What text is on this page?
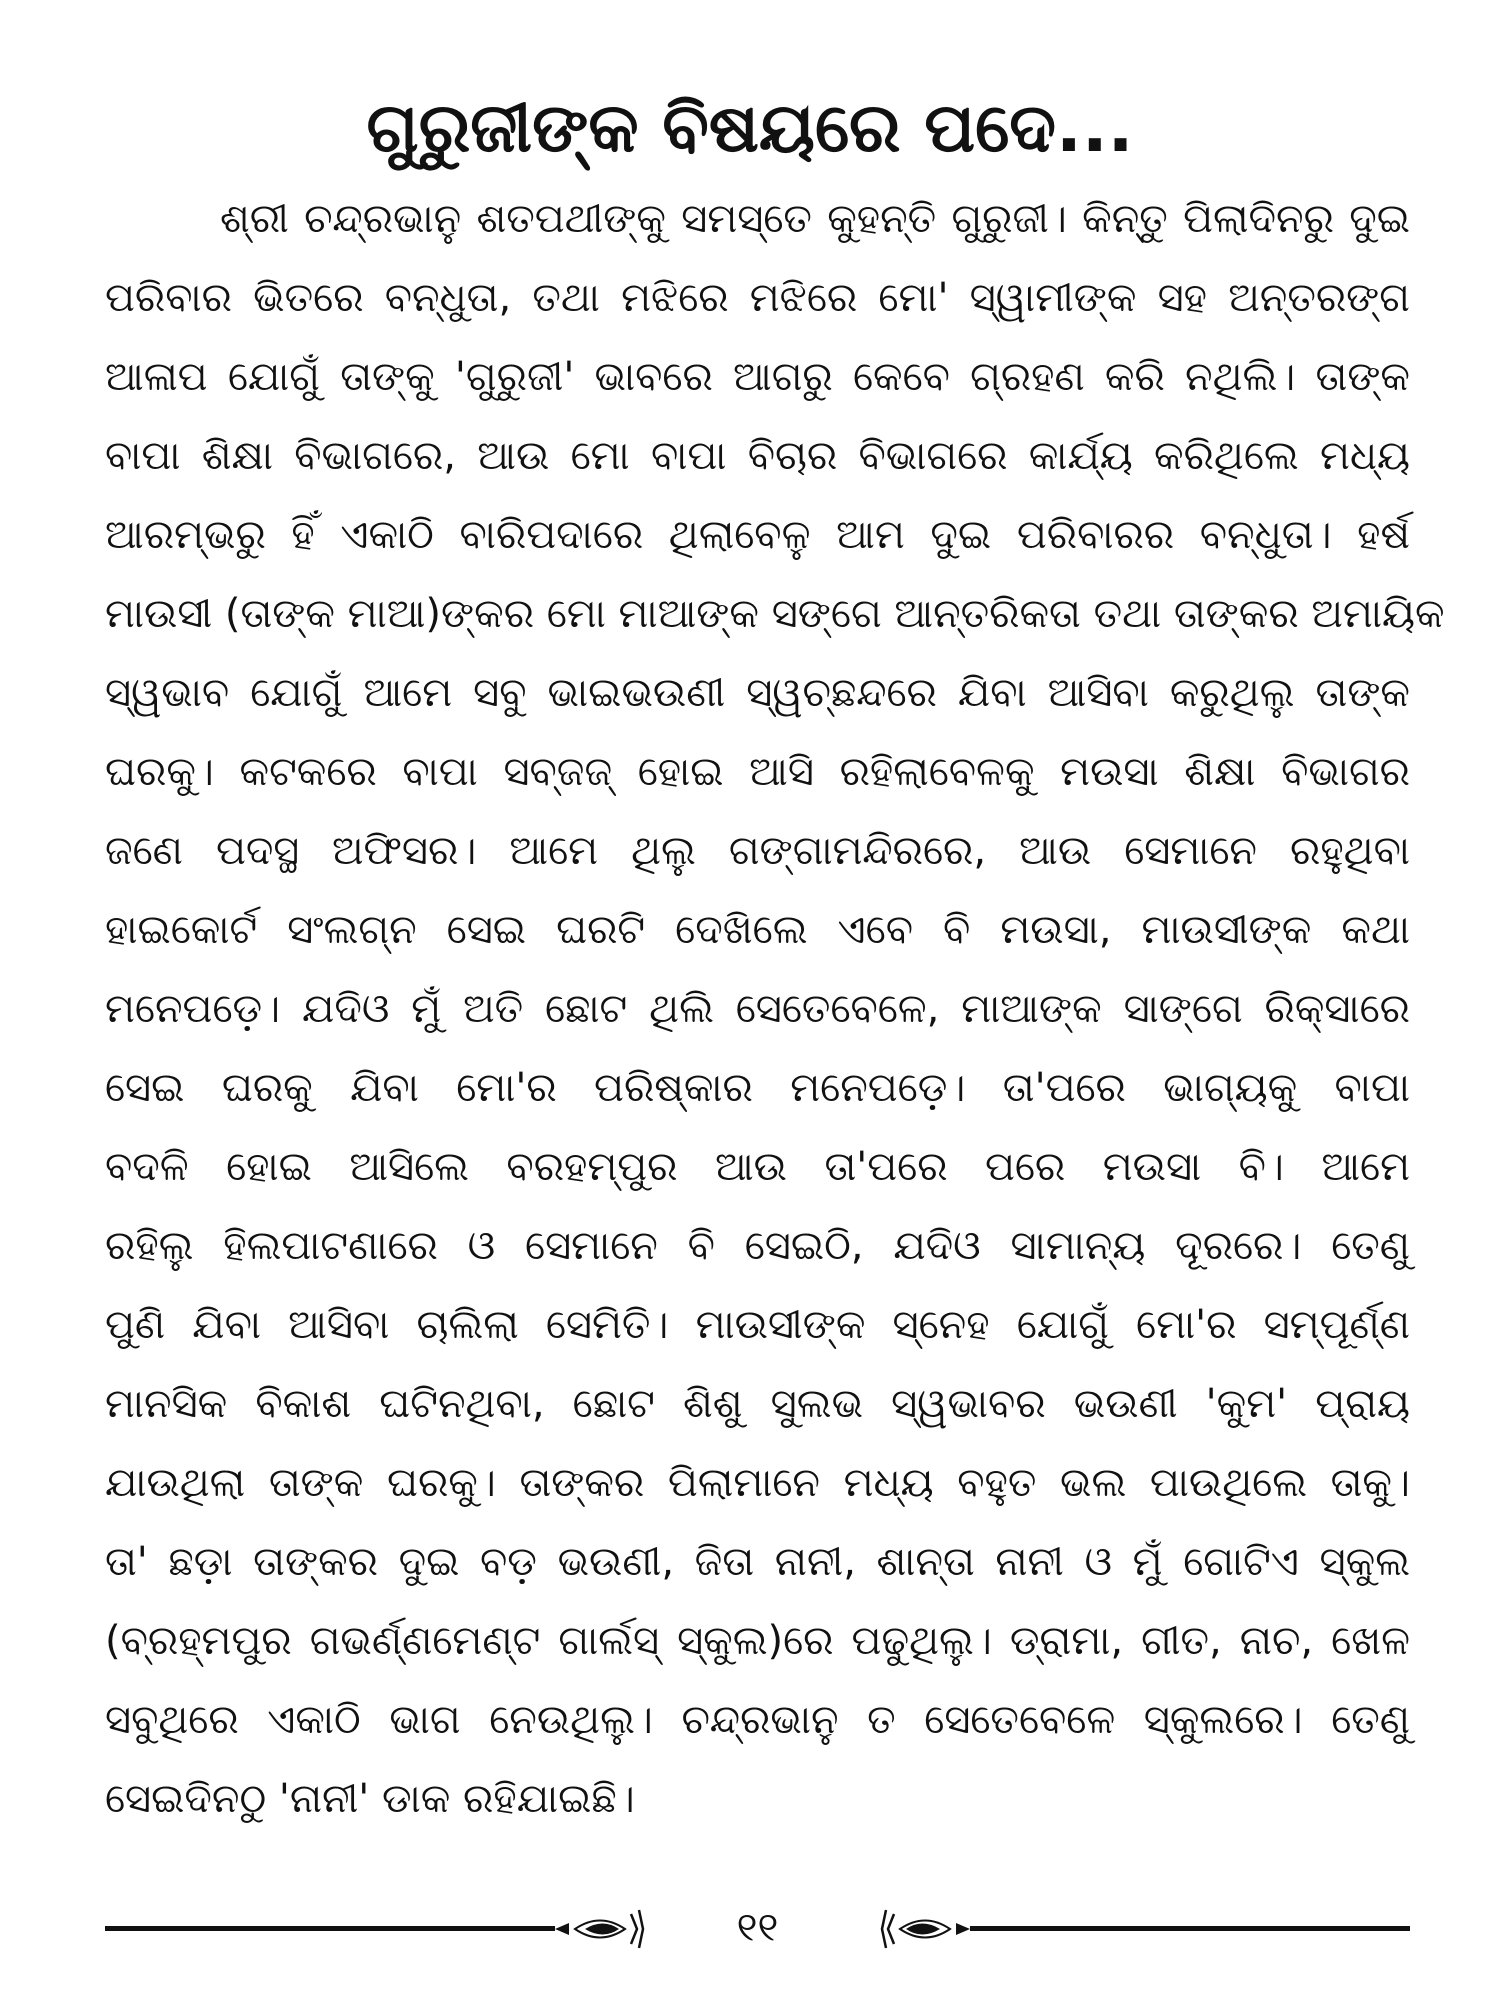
ଗୁରୁଜୀଙ୍କ ବିଷୟରେ ପଦେ...
ଶ୍ରୀ ଚନ୍ଦ୍ରଭାନୁ ଶତପଥୀଙ୍କୁ ସମସ୍ତେ କୁହନ୍ତି ଗୁରୁଜୀ। କିନ୍ତୁ ପିଲାଦିନରୁ ଦୁଇ
ପରିବାର ଭିତରେ ବନ୍ଧୁତା, ତଥା ମଝିରେ ମଝିରେ ମୋ' ସ୍ୱାମୀଙ୍କ ସହ ଅନ୍ତରଙ୍ଗ
ଆଳାପ ଯୋଗୁଁ ତାଙ୍କୁ 'ଗୁରୁଜୀ' ଭାବରେ ଆଗରୁ କେବେ ଗ୍ରହଣ କରି ନଥିଲି। ତାଙ୍କ
ବାପା ଶିକ୍ଷା ବିଭାଗରେ, ଆଉ ମୋ ବାପା ବିଚାର ବିଭାଗରେ କାର୍ଯ୍ୟ କରିଥିଲେ ମଧ୍ୟ
ଆରମ୍ଭରୁ ହିଁ ଏକାଠି ବାରିପଦାରେ ଥିଲାବେଳୁ ଆମ ଦୁଇ ପରିବାରର ବନ୍ଧୁତା। ହର୍ଷ
ମାଉସୀ (ତାଙ୍କ ମାଆ)ଙ୍କର ମୋ ମାଆଙ୍କ ସଙ୍ଗେ ଆନ୍ତରିକତା ତଥା ତାଙ୍କର ଅମାୟିକ
ସ୍ୱଭାବ ଯୋଗୁଁ ଆମେ ସବୁ ଭାଇଭଉଣୀ ସ୍ୱଚ୍ଛନ୍ଦରେ ଯିବା ଆସିବା କରୁଥିଲୁ ତାଙ୍କ
ଘରକୁ। କଟକରେ ବାପା ସବ୍‌ଜଜ୍ ହୋଇ ଆସି ରହିଲାବେଳକୁ ମଉସା ଶିକ୍ଷା ବିଭାଗର
ଜଣେ ପଦସ୍ଥ ଅଫିସର। ଆମେ ଥିଲୁ ଗଙ୍ଗାମନ୍ଦିରରେ, ଆଉ ସେମାନେ ରହୁଥିବା
ହାଇକୋର୍ଟ ସଂଲଗ୍ନ ସେଇ ଘରଟି ଦେଖିଲେ ଏବେ ବି ମଉସା, ମାଉସୀଙ୍କ କଥା
ମନେପଡ଼େ। ଯଦିଓ ମୁଁ ଅତି ଛୋଟ ଥିଲି ସେତେବେଳେ, ମାଆଙ୍କ ସାଙ୍ଗେ ରିକ୍ସାରେ
ସେଇ ଘରକୁ ଯିବା ମୋ'ର ପରିଷ୍କାର ମନେପଡ଼େ। ତା'ପରେ ଭାଗ୍ୟକୁ ବାପା
ବଦଳି ହୋଇ ଆସିଲେ ବରହମ୍ପୁର ଆଉ ତା'ପରେ ପରେ ମଉସା ବି। ଆମେ
ରହିଲୁ ହିଲପାଟଣାରେ ଓ ସେମାନେ ବି ସେଇଠି, ଯଦିଓ ସାମାନ୍ୟ ଦୂରରେ। ତେଣୁ
ପୁଣି ଯିବା ଆସିବା ଚାଲିଲା ସେମିତି। ମାଉସୀଙ୍କ ସ୍ନେହ ଯୋଗୁଁ ମୋ'ର ସମ୍ପୂର୍ଣ୍ଣ
ମାନସିକ ବିକାଶ ଘଟିନଥିବା, ଛୋଟ ଶିଶୁ ସୁଲଭ ସ୍ୱଭାବର ଭଉଣୀ 'କୁମ' ପ୍ରାୟ
ଯାଉଥିଲା ତାଙ୍କ ଘରକୁ। ତାଙ୍କର ପିଲାମାନେ ମଧ୍ୟ ବହୁତ ଭଲ ପାଉଥିଲେ ତାକୁ।
ତା' ଛଡ଼ା ତାଙ୍କର ଦୁଇ ବଡ଼ ଭଉଣୀ, ଜିତା ନାନୀ, ଶାନ୍ତା ନାନୀ ଓ ମୁଁ ଗୋଟିଏ ସ୍କୁଲ
(ବ୍ରହ୍ମପୁର ଗଭର୍ଣ୍ଣମେଣ୍ଟ ଗାର୍ଲସ୍ ସ୍କୁଲ)ରେ ପଢୁଥିଲୁ। ଡ୍ରାମା, ଗୀତ, ନାଚ, ଖେଳ
ସବୁଥିରେ ଏକାଠି ଭାଗ ନେଉଥିଲୁ। ଚନ୍ଦ୍ରଭାନୁ ତ ସେତେବେଳେ ସ୍କୁଲରେ। ତେଣୁ
ସେଇଦିନଠୁ 'ନାନୀ' ଡାକ ରହିଯାଇଛି।
୧୧
